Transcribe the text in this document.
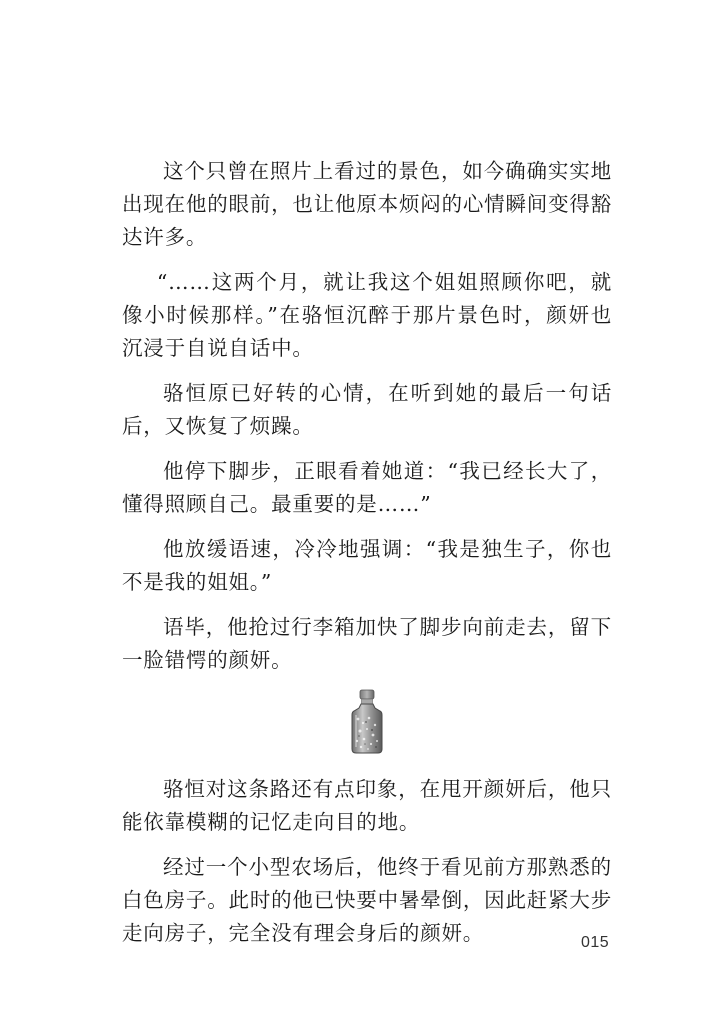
这个只曾在照片上看过的景色，如今确确实实地出现在他的眼前，也让他原本烦闷的心情瞬间变得豁达许多。

“……这两个月，就让我这个姐姐照顾你吧，就像小时候那样。”在骆恒沉醉于那片景色时，颜妍也沉浸于自说自话中。

骆恒原已好转的心情，在听到她的最后一句话后，又恢复了烦躁。

他停下脚步，正眼看着她道：“我已经长大了，懂得照顾自己。最重要的是……”

他放缓语速，冷冷地强调：“我是独生子，你也不是我的姐姐。”

语毕，他抢过行李箱加快了脚步向前走去，留下一脸错愕的颜妍。

骆恒对这条路还有点印象，在甩开颜妍后，他只能依靠模糊的记忆走向目的地。

经过一个小型农场后，他终于看见前方那熟悉的白色房子。此时的他已快要中暑晕倒，因此赶紧大步走向房子，完全没有理会身后的颜妍。	015
